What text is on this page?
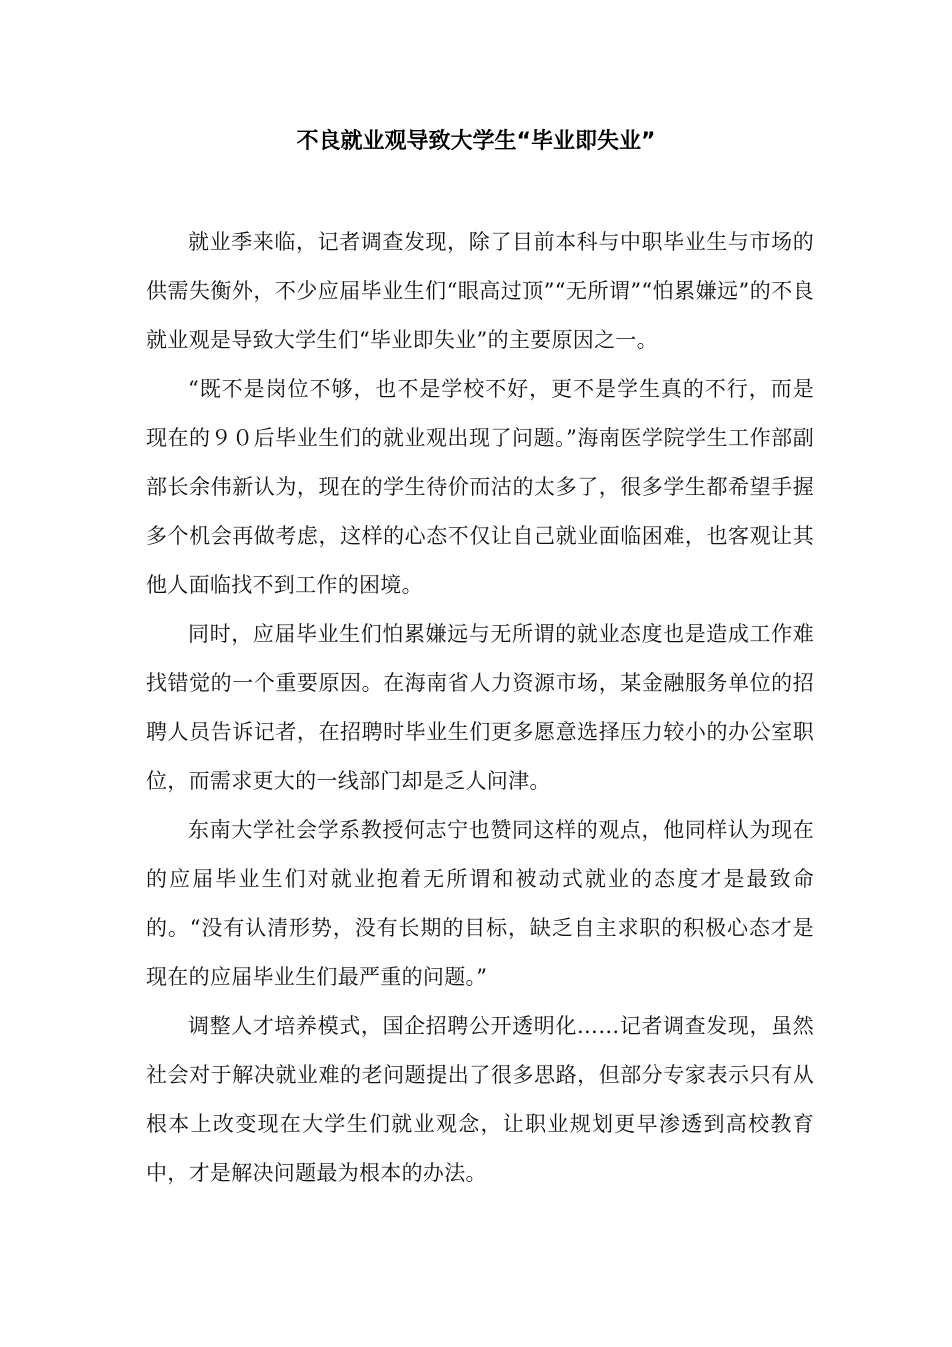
不良就业观导致大学生“毕业即失业”

就业季来临，记者调查发现，除了目前本科与中职毕业生与市场的供需失衡外，不少应届毕业生们“眼高过顶”“无所谓”“怕累嫌远”的不良就业观是导致大学生们“毕业即失业”的主要原因之一。

“既不是岗位不够，也不是学校不好，更不是学生真的不行，而是现在的９０后毕业生们的就业观出现了问题。”海南医学院学生工作部副部长余伟新认为，现在的学生待价而沽的太多了，很多学生都希望手握多个机会再做考虑，这样的心态不仅让自己就业面临困难，也客观让其他人面临找不到工作的困境。

同时，应届毕业生们怕累嫌远与无所谓的就业态度也是造成工作难找错觉的一个重要原因。在海南省人力资源市场，某金融服务单位的招聘人员告诉记者，在招聘时毕业生们更多愿意选择压力较小的办公室职位，而需求更大的一线部门却是乏人问津。

东南大学社会学系教授何志宁也赞同这样的观点，他同样认为现在的应届毕业生们对就业抱着无所谓和被动式就业的态度才是最致命的。“没有认清形势，没有长期的目标，缺乏自主求职的积极心态才是现在的应届毕业生们最严重的问题。”

调整人才培养模式，国企招聘公开透明化……记者调查发现，虽然社会对于解决就业难的老问题提出了很多思路，但部分专家表示只有从根本上改变现在大学生们就业观念，让职业规划更早渗透到高校教育中，才是解决问题最为根本的办法。
